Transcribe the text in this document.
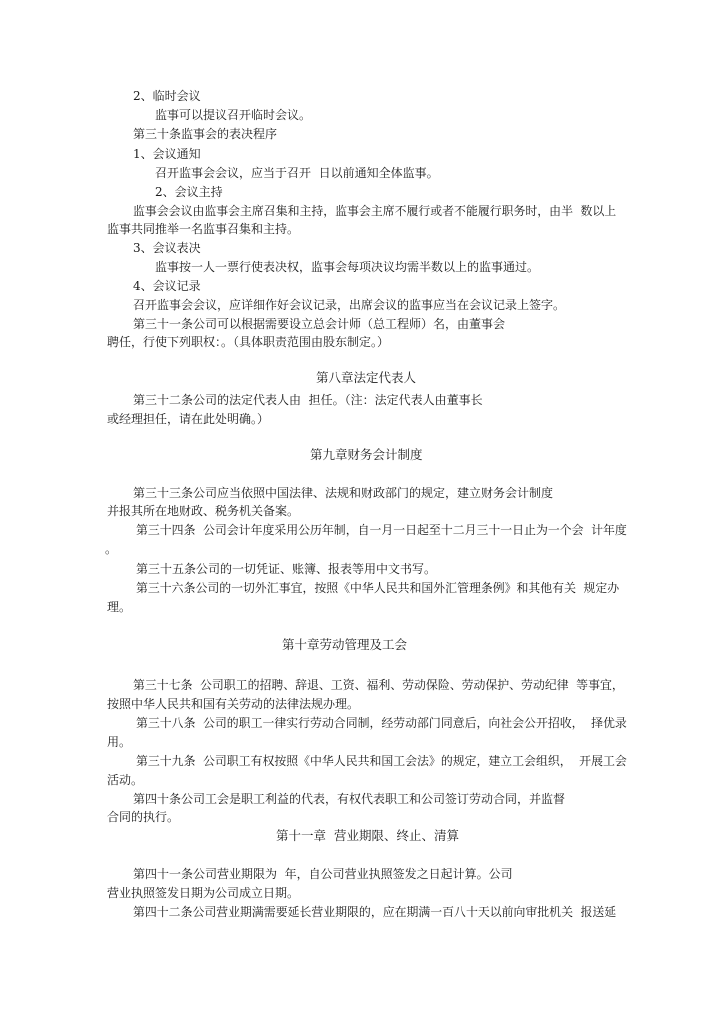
2、临时会议
监事可以提议召开临时会议。
第三十条监事会的表决程序
1、会议通知
召开监事会会议，应当于召开  日以前通知全体监事。
2、会议主持
监事会会议由监事会主席召集和主持，监事会主席不履行或者不能履行职务时，由半  数以上
监事共同推举一名监事召集和主持。
3、会议表决
监事按一人一票行使表决权，监事会每项决议均需半数以上的监事通过。
4、会议记录
召开监事会会议，应详细作好会议记录，出席会议的监事应当在会议记录上签字。
第三十一条公司可以根据需要设立总会计师（总工程师）名，由董事会
聘任，行使下列职权：。（具体职责范围由股东制定。）
第八章法定代表人
第三十二条公司的法定代表人由  担任。（注：法定代表人由董事长
或经理担任，请在此处明确。）
第九章财务会计制度
第三十三条公司应当依照中国法律、法规和财政部门的规定，建立财务会计制度
并报其所在地财政、税务机关备案。
第三十四条  公司会计年度采用公历年制，自一月一日起至十二月三十一日止为一个会  计年度
。
第三十五条公司的一切凭证、账簿、报表等用中文书写。
第三十六条公司的一切外汇事宜，按照《中华人民共和国外汇管理条例》和其他有关  规定办
理。
第十章劳动管理及工会
第三十七条  公司职工的招聘、辞退、工资、福利、劳动保险、劳动保护、劳动纪律  等事宜，
按照中华人民共和国有关劳动的法律法规办理。
第三十八条  公司的职工一律实行劳动合同制，经劳动部门同意后，向社会公开招收，  择优录
用。
第三十九条  公司职工有权按照《中华人民共和国工会法》的规定，建立工会组织，  开展工会
活动。
第四十条公司工会是职工利益的代表，有权代表职工和公司签订劳动合同，并监督
合同的执行。
第十一章  营业期限、终止、清算
第四十一条公司营业期限为  年，自公司营业执照签发之日起计算。公司
营业执照签发日期为公司成立日期。
第四十二条公司营业期满需要延长营业期限的，应在期满一百八十天以前向审批机关  报送延
